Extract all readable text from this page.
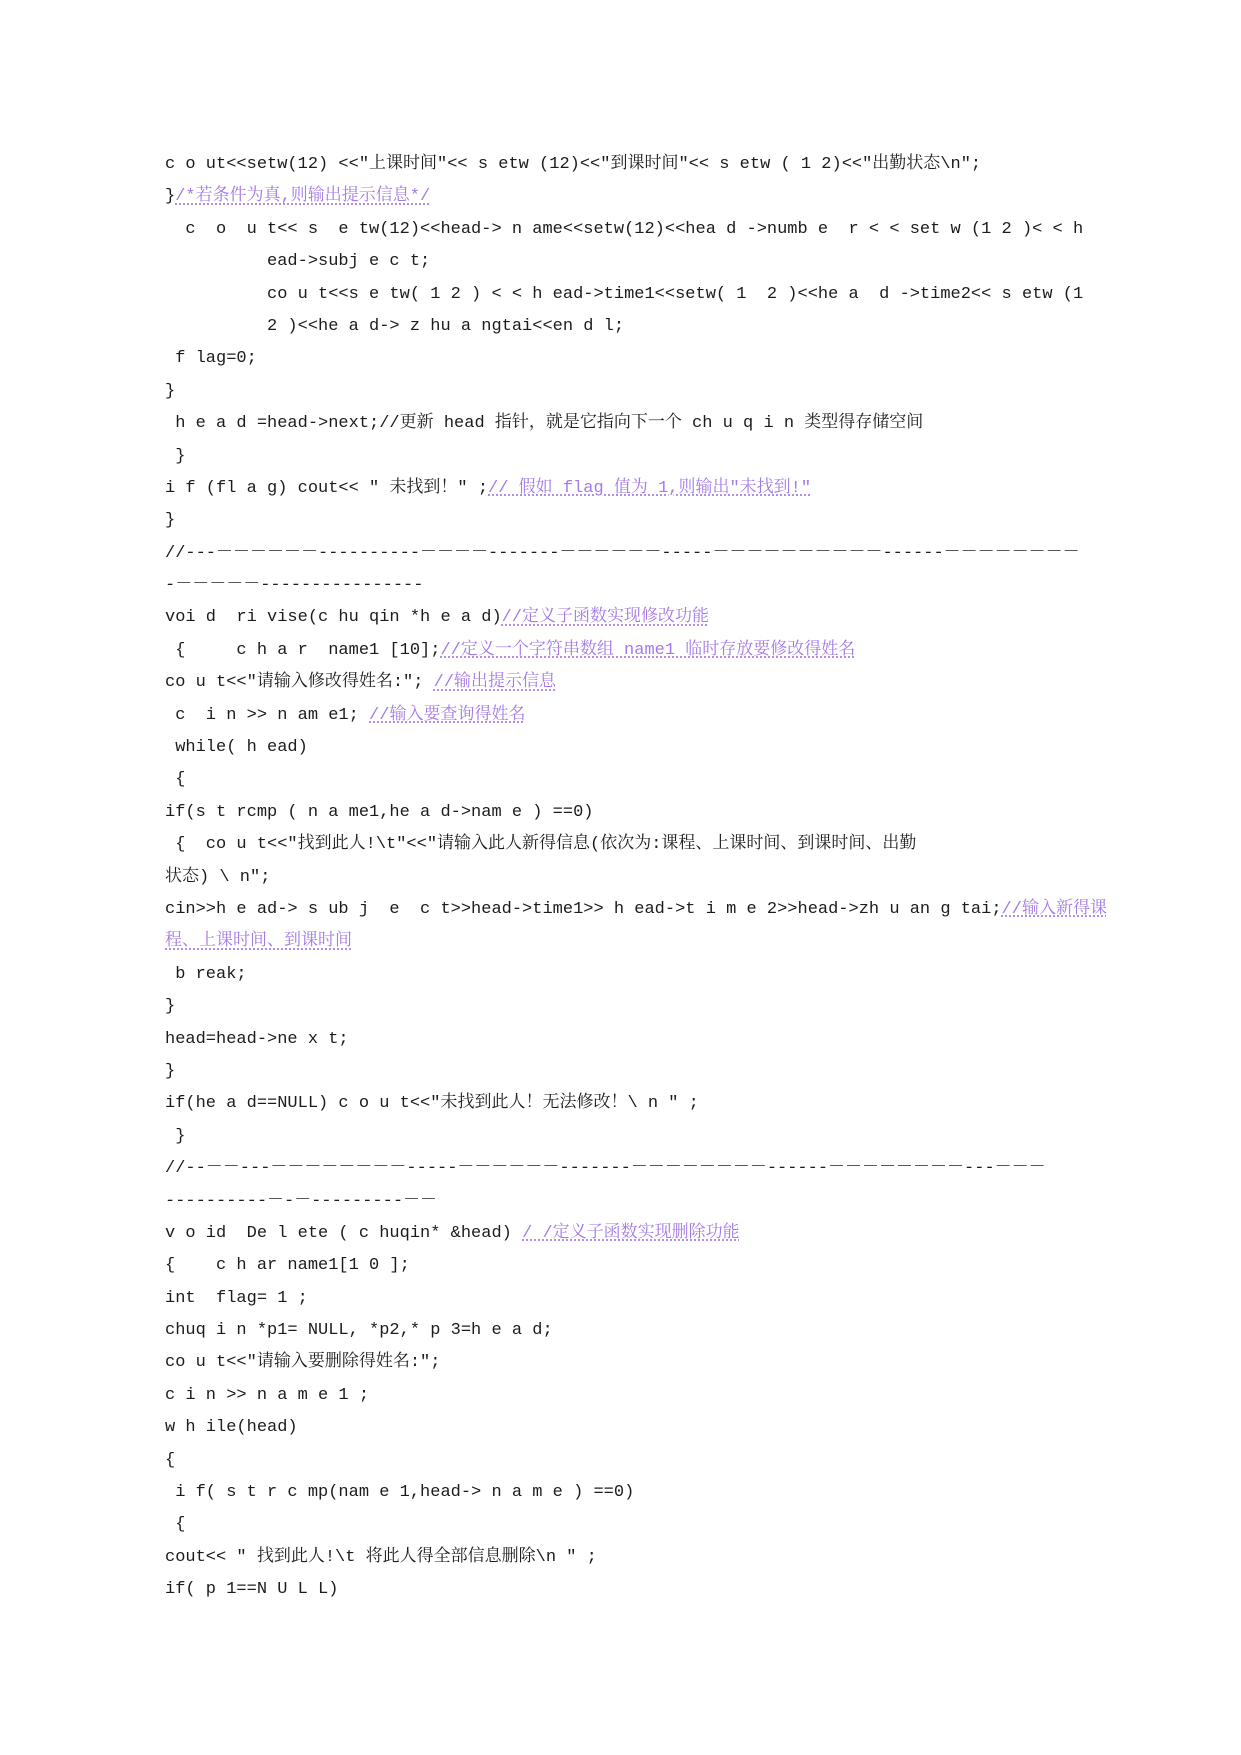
c o ut<<setw(12) <<"上课时间"<< s etw (12)<<"到课时间"<< s etw ( 1 2)<<"出勤状态\n";
}/*若条件为真,则输出提示信息*/
c  o  u t<< s  e tw(12)<<head-> n ame<<setw(12)<<hea d ->numb e  r < < set w (1 2 )< < h
ead->subj e c t;
co u t<<s e tw( 1 2 ) < < h ead->time1<<setw( 1  2 )<<he a  d ->time2<< s etw (1
2 )<<he a d-> z hu a ngtai<<en d l;
f lag=0;
}
h e a d =head->next;//更新 head 指针，就是它指向下一个 ch u q i n 类型得存储空间
}
i f (fl a g) cout<< " 未找到！" ;// 假如 flag 值为 1,则输出"未找到!"
}
//---－－－－－－----------－－－－-------－－－－－－-----－－－－－－－－－－------－－－－－－－－
-－－－－－----------------
voi d  ri vise(c hu qin *h e a d)//定义子函数实现修改功能
{     c h a r  name1 [10];//定义一个字符串数组 name1 临时存放要修改得姓名
co u t<<"请输入修改得姓名:"; //输出提示信息
c  i n >> n am e1; //输入要查询得姓名
while( h ead)
{
if(s t rcmp ( n a me1,he a d->nam e ) ==0)
{  co u t<<"找到此人!\t"<<"请输入此人新得信息(依次为:课程、上课时间、到课时间、出勤
状态) \ n";
cin>>h e ad-> s ub j  e  c t>>head->time1>> h ead->t i m e 2>>head->zh u an g tai;//输入新得课
程、上课时间、到课时间
b reak;
}
head=head->ne x t;
}
if(he a d==NULL) c o u t<<"未找到此人！无法修改！\ n " ;
}
//--－－---－－－－－－－－-----－－－－－－-------－－－－－－－－------－－－－－－－－---－－－
----------－-－---------－－
v o id  De l ete ( c huqin* &head) / /定义子函数实现删除功能
{    c h ar name1[1 0 ];
int  flag= 1 ;
chuq i n *p1= NULL, *p2,* p 3=h e a d;
co u t<<"请输入要删除得姓名:";
c i n >> n a m e 1 ;
w h ile(head)
{
i f( s t r c mp(nam e 1,head-> n a m e ) ==0)
{
cout<< " 找到此人!\t 将此人得全部信息删除\n " ;
if( p 1==N U L L)
